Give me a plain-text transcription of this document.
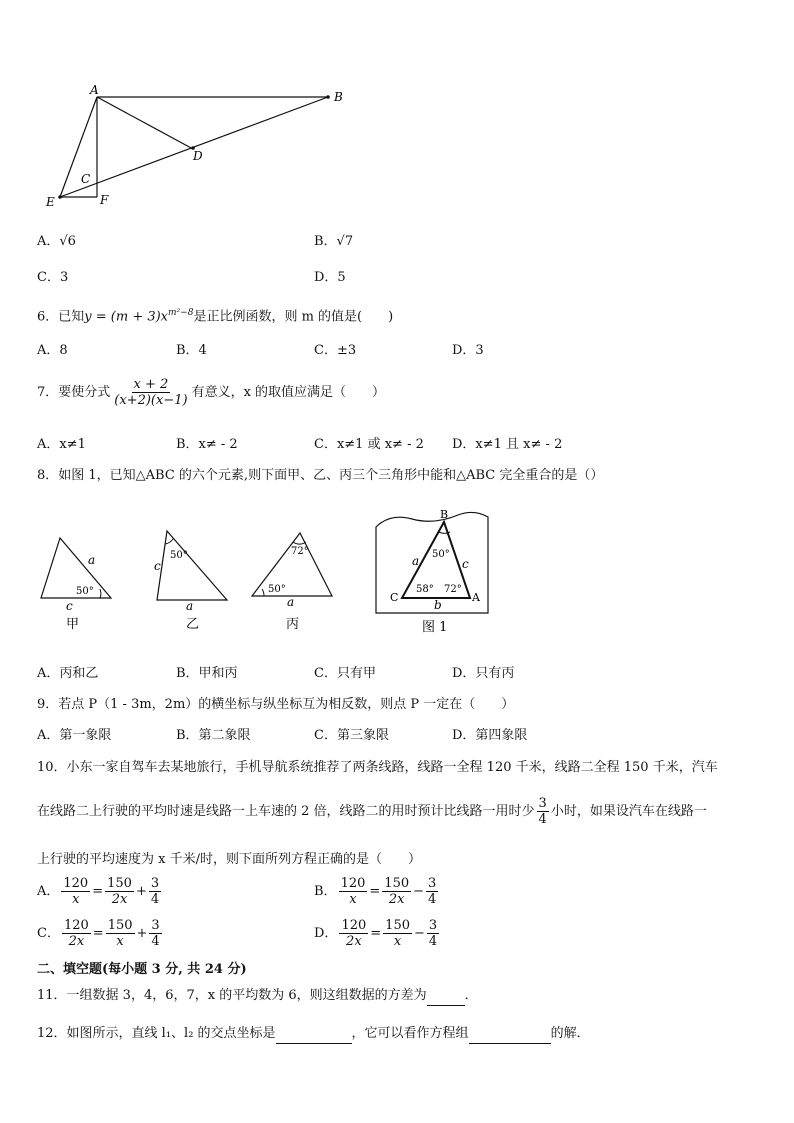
A	B
D
C
E	F
A．√6	B．√7
C．3	D．5
6．已知$y = (m + 3)x^{m^2-8}$是正比例函数，则 m 的值是(　　)
A．8	B．4	C．±3	D．3
7．要使分式 $\frac{x + 2}{(x+2)(x-1)}$ 有意义，x 的取值应满足（　　）
A．x≠1	B．x≠ - 2	C．x≠1 或 x≠ - 2 D．x≠1 且 x≠ - 2
8．如图 1，已知△ABC 的六个元素,则下面甲、乙、丙三个三角形中能和△ABC 完全重合的是（）
a
50°
c
甲
50°
c
a
乙
72°
50°
a
丙
B
50°
a	c
58° 72°
C	A
b
图 1
A．丙和乙	B．甲和丙	C．只有甲	D．只有丙
9．若点 P（1 - 3m，2m）的横坐标与纵坐标互为相反数，则点 P 一定在（　　）
A．第一象限	B．第二象限	C．第三象限	D．第四象限
10．小东一家自驾车去某地旅行，手机导航系统推荐了两条线路，线路一全程 120 千米，线路二全程 150 千米，汽车
在线路二上行驶的平均时速是线路一上车速的 2 倍，线路二的用时预计比线路一用时少 $\frac{3}{4}$ 小时，如果设汽车在线路一
上行驶的平均速度为 x 千米/时，则下面所列方程正确的是（　　）
A． $\frac{120}{x} = \frac{150}{2x} + \frac{3}{4}$	B． $\frac{120}{x} = \frac{150}{2x} - \frac{3}{4}$
C． $\frac{120}{2x} = \frac{150}{x} + \frac{3}{4}$	D． $\frac{120}{2x} = \frac{150}{x} - \frac{3}{4}$
二、填空题(每小题 3 分, 共 24 分)
11．一组数据 3，4，6，7，x 的平均数为 6，则这组数据的方差为	．
12．如图所示，直线 l₁、l₂ 的交点坐标是	，它可以看作方程组	的解．
